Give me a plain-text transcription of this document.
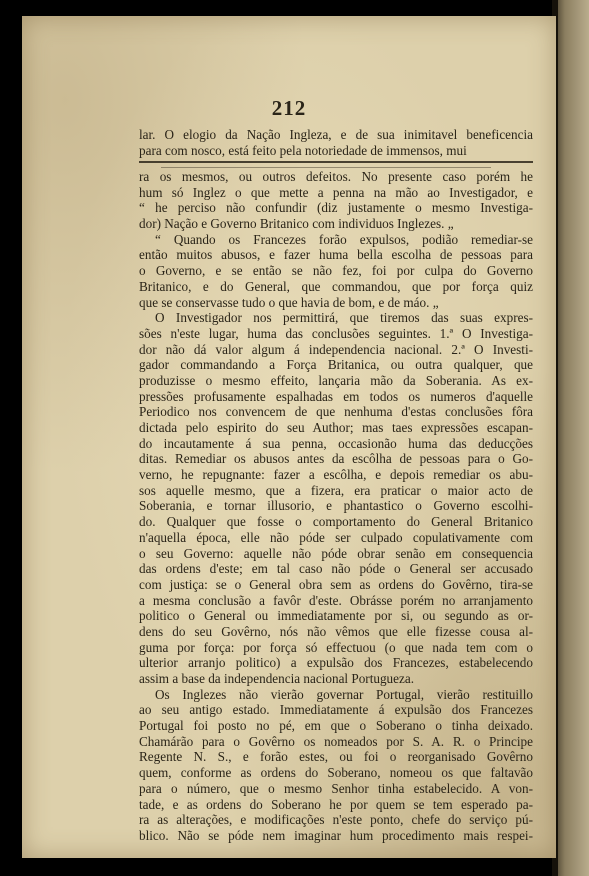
212
lar. O elogio da Nação Ingleza, e de sua inimitavel beneficencia
para com nosco, está feito pela notoriedade de immensos, mui
ra os mesmos, ou outros defeitos. No presente caso porém he
hum só Inglez o que mette a penna na mão ao Investigador, e
“ he perciso não confundir (diz justamente o mesmo Investiga-
dor) Nação e Governo Britanico com individuos Inglezes. „
“ Quando os Francezes forão expulsos, podião remediar-se
então muitos abusos, e fazer huma bella escolha de pessoas para
o Governo, e se então se não fez, foi por culpa do Governo
Britanico, e do General, que commandou, que por força quiz
que se conservasse tudo o que havia de bom, e de máo. „
O Investigador nos permittirá, que tiremos das suas expres-
sões n'este lugar, huma das conclusões seguintes. 1.ª O Investiga-
dor não dá valor algum á independencia nacional. 2.ª O Investi-
gador commandando a Força Britanica, ou outra qualquer, que
produzisse o mesmo effeito, lançaria mão da Soberania. As ex-
pressões profusamente espalhadas em todos os numeros d'aquelle
Periodico nos convencem de que nenhuma d'estas conclusões fôra
dictada pelo espirito do seu Author; mas taes expressões escapan-
do incautamente á sua penna, occasionão huma das deducções
ditas. Remediar os abusos antes da escôlha de pessoas para o Go-
verno, he repugnante: fazer a escôlha, e depois remediar os abu-
sos aquelle mesmo, que a fizera, era praticar o maior acto de
Soberania, e tornar illusorio, e phantastico o Governo escolhi-
do. Qualquer que fosse o comportamento do General Britanico
n'aquella época, elle não póde ser culpado copulativamente com
o seu Governo: aquelle não póde obrar senão em consequencia
das ordens d'este; em tal caso não póde o General ser accusado
com justiça: se o General obra sem as ordens do Govêrno, tira-se
a mesma conclusão a favôr d'este. Obrásse porém no arranjamento
politico o General ou immediatamente por si, ou segundo as or-
dens do seu Govêrno, nós não vêmos que elle fizesse cousa al-
guma por força: por força só effectuou (o que nada tem com o
ulterior arranjo politico) a expulsão dos Francezes, estabelecendo
assim a base da independencia nacional Portugueza.
Os Inglezes não vierão governar Portugal, vierão restituillo
ao seu antigo estado. Immediatamente á expulsão dos Francezes
Portugal foi posto no pé, em que o Soberano o tinha deixado.
Chamárão para o Govêrno os nomeados por S. A. R. o Principe
Regente N. S., e forão estes, ou foi o reorganisado Govêrno
quem, conforme as ordens do Soberano, nomeou os que faltavão
para o número, que o mesmo Senhor tinha estabelecido. A von-
tade, e as ordens do Soberano he por quem se tem esperado pa-
ra as alterações, e modificações n'este ponto, chefe do serviço pú-
blico. Não se póde nem imaginar hum procedimento mais respei-
